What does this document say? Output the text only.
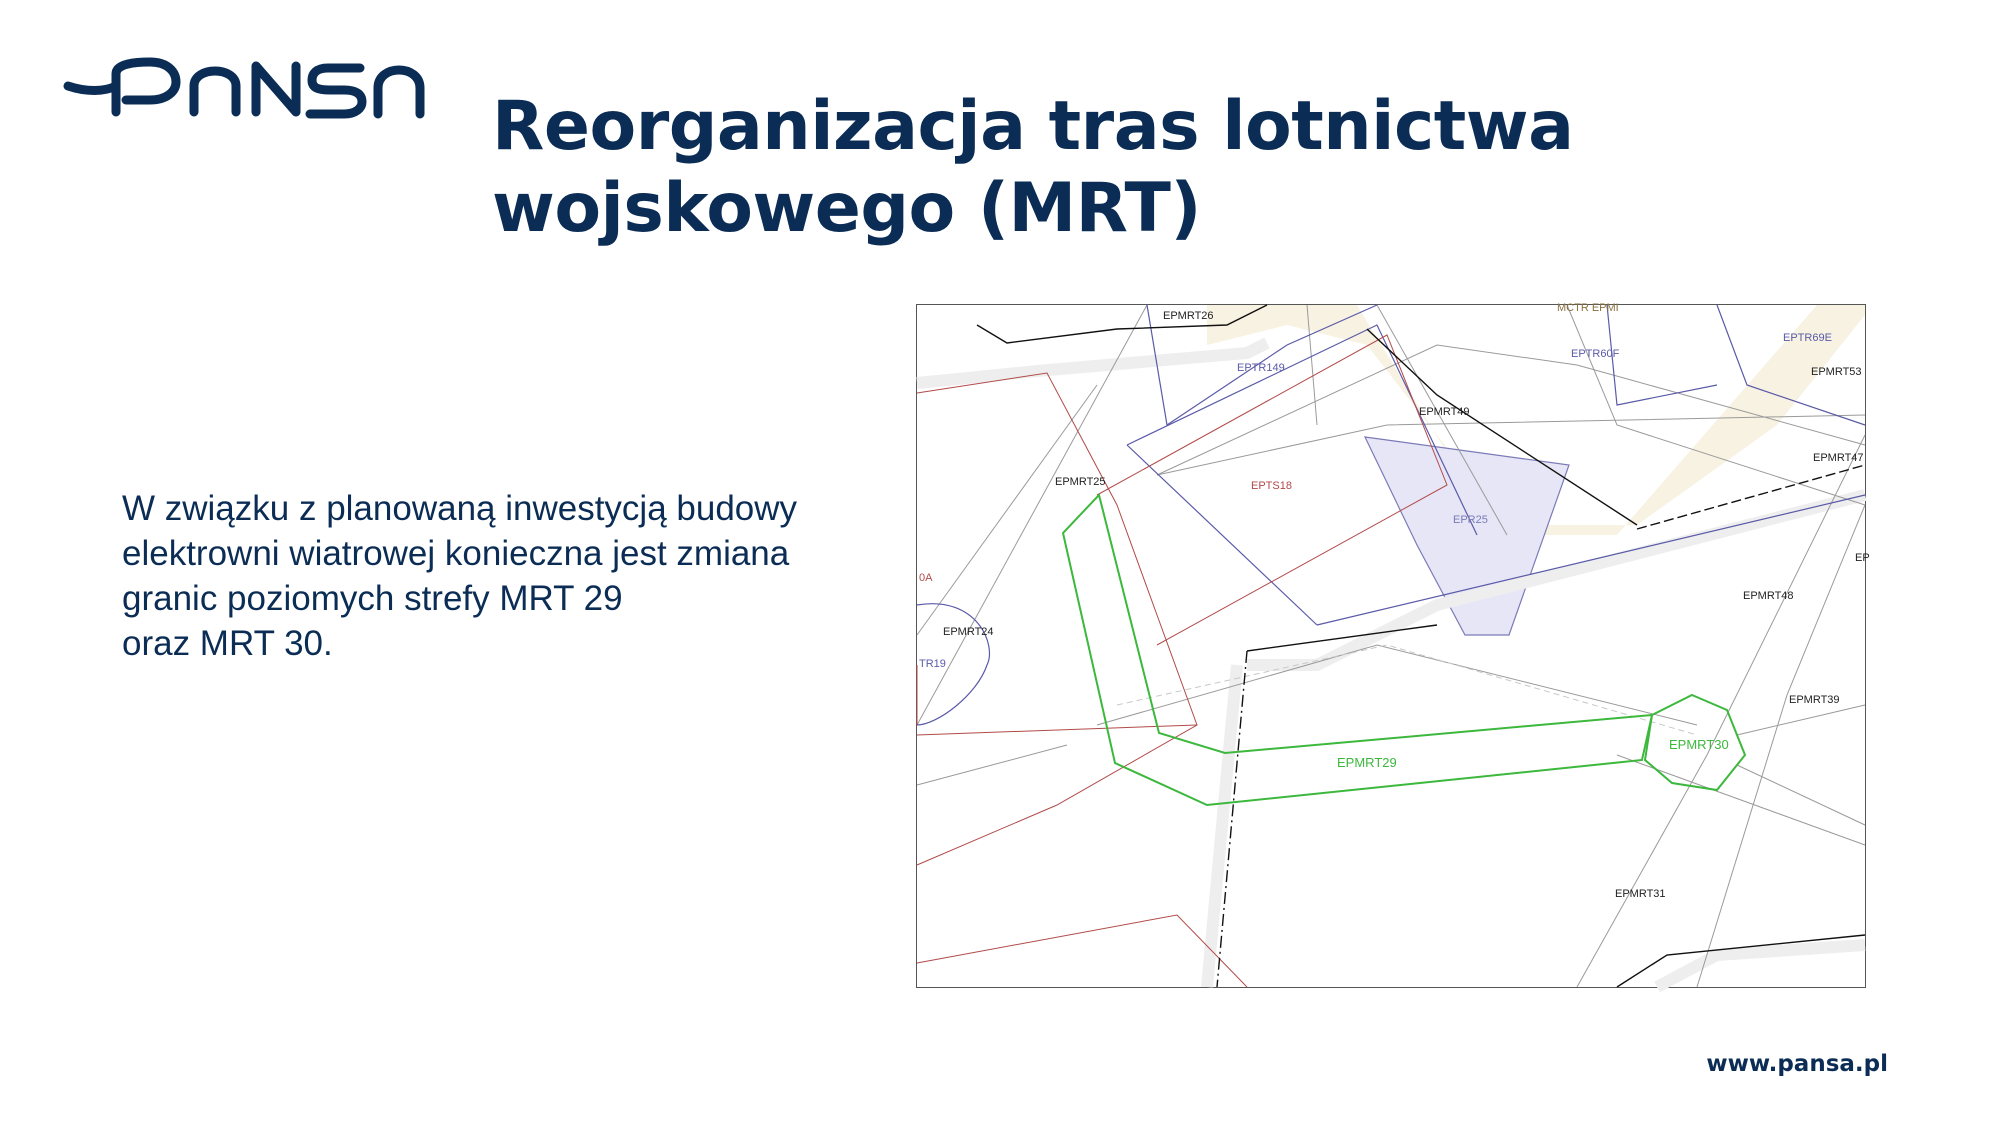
Reorganizacja tras lotnictwa
wojskowego (MRT)

W związku z planowaną inwestycją budowy
elektrowni wiatrowej konieczna jest zmiana
granic poziomych strefy MRT 29
oraz MRT 30.

EPMRT26
MCTR EPMI
EPTR69E
EPTR149
EPTR60F
EPMRT53
EPMRT49
EPMRT47
EPMRT25	EPTS18
EPR25
0A
EP
EPMRT48
EPMRT24
TR19
EPMRT39
EPMRT30
EPMRT29
EPMRT31
www.pansa.pl
